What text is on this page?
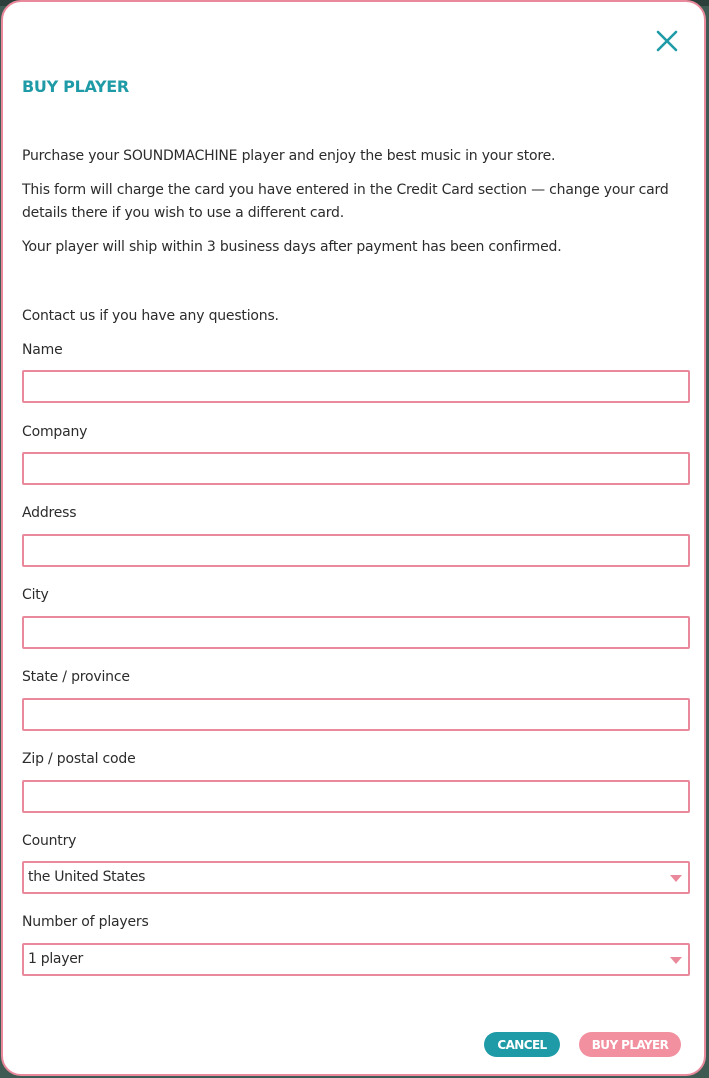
BUY PLAYER

Purchase your SOUNDMACHINE player and enjoy the best music in your store.

This form will charge the card you have entered in the Credit Card section — change your card details there if you wish to use a different card.

Your player will ship within 3 business days after payment has been confirmed.

Contact us if you have any questions.

Name
Company
Address
City
State / province
Zip / postal code
Country
the United States
Number of players
1 player
CANCEL	BUY PLAYER
